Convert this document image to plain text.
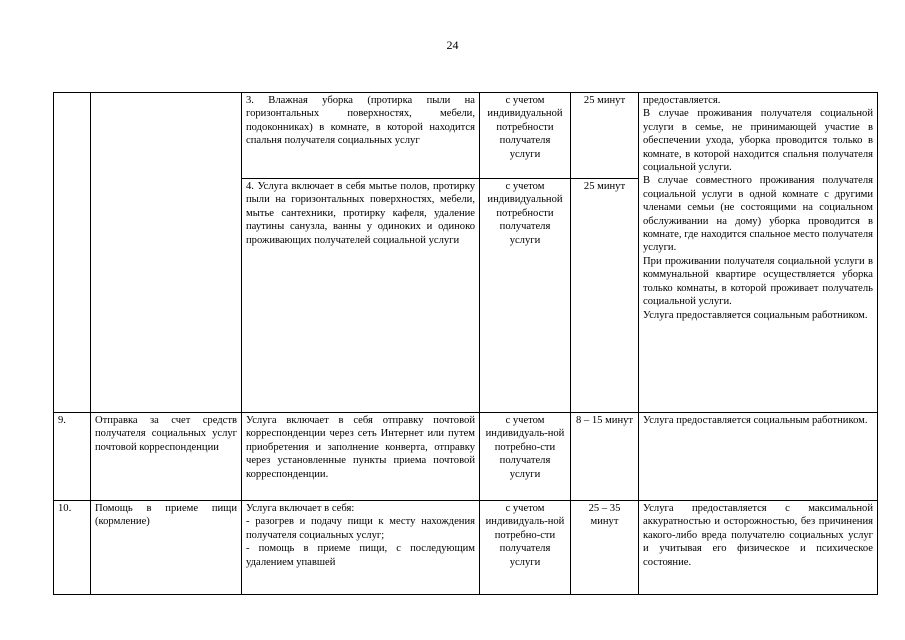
24
		3. Влажная уборка (протирка пыли на горизонтальных поверхностях, мебели, подоконниках) в комнате, в которой находится спальня получателя социальных услуг	с учетом индивидуальной потребности получателя услуги	25 минут	предоставляется.
В случае проживания получателя социальной услуги в семье, не принимающей участие в обеспечении ухода, уборка проводится только в комнате, в которой находится спальня получателя социальной услуги.
В случае совместного проживания получателя социальной услуги в одной комнате с другими членами семьи (не состоящими на социальном обслуживании на дому) уборка проводится в комнате, где находится спальное место получателя услуги.
При проживании получателя социальной услуги в коммунальной квартире осуществляется уборка только комнаты, в которой проживает получатель социальной услуги.
Услуга предоставляется социальным работником.

		4. Услуга включает в себя мытье полов, протирку пыли на горизонтальных поверхностях, мебели, мытье сантехники, протирку кафеля, удаление паутины санузла, ванны у одиноких и одиноко проживающих получателей социальной услуги	с учетом индивидуальной потребности получателя услуги	25 минут	
9.	Отправка за счет средств получателя социальных услуг почтовой корреспонденции	Услуга включает в себя отправку почтовой корреспонденции через сеть Интернет или путем приобретения и заполнение конверта, отправку через установленные пункты приема почтовой корреспонденции.	с учетом индивидуаль-ной потребно-сти получателя услуги	8 – 15 минут	Услуга предоставляется социальным работником.
10.	Помощь в приеме пищи (кормление)	Услуга включает в себя:
- разогрев и подачу пищи к месту нахождения получателя социальных услуг;
- помощь в приеме пищи, с последующим удалением упавшей	с учетом индивидуаль-ной потребно-сти получателя услуги	25 – 35 минут	Услуга предоставляется с максимальной аккуратностью и осторожностью, без причинения какого-либо вреда получателю социальных услуг и учитывая его физическое и психическое состояние.
